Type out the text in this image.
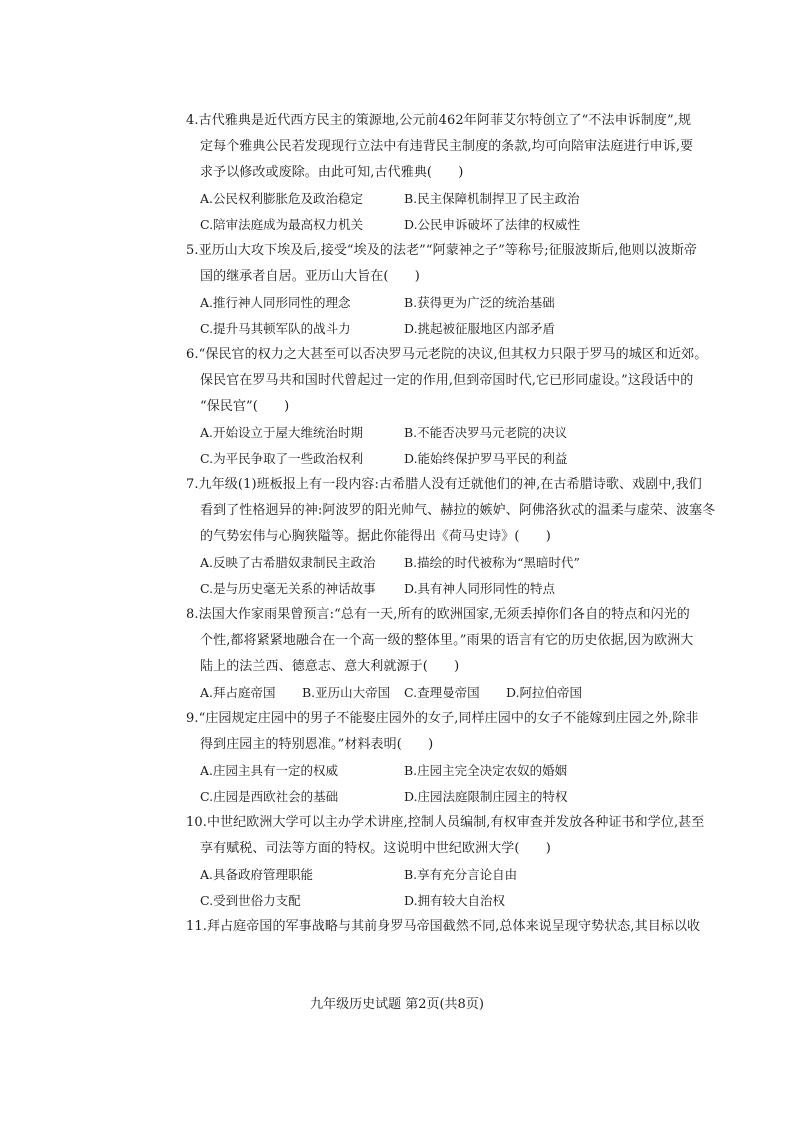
4.古代雅典是近代西方民主的策源地,公元前462年阿菲艾尔特创立了“不法申诉制度”,规
定每个雅典公民若发现现行立法中有违背民主制度的条款,均可向陪审法庭进行申诉,要
求予以修改或废除。由此可知,古代雅典(　　)
A.公民权利膨胀危及政治稳定	B.民主保障机制捍卫了民主政治
C.陪审法庭成为最高权力机关	D.公民申诉破坏了法律的权威性
5.亚历山大攻下埃及后,接受“埃及的法老”“阿蒙神之子”等称号;征服波斯后,他则以波斯帝
国的继承者自居。亚历山大旨在(　　)
A.推行神人同形同性的理念	B.获得更为广泛的统治基础
C.提升马其顿军队的战斗力	D.挑起被征服地区内部矛盾
6.“保民官的权力之大甚至可以否决罗马元老院的决议,但其权力只限于罗马的城区和近郊。
保民官在罗马共和国时代曾起过一定的作用,但到帝国时代,它已形同虚设。”这段话中的
“保民官”(　　)
A.开始设立于屋大维统治时期	B.不能否决罗马元老院的决议
C.为平民争取了一些政治权利	D.能始终保护罗马平民的利益
7.九年级(1)班板报上有一段内容:古希腊人没有迁就他们的神,在古希腊诗歌、戏剧中,我们
看到了性格迥异的神:阿波罗的阳光帅气、赫拉的嫉妒、阿佛洛狄忒的温柔与虚荣、波塞冬
的气势宏伟与心胸狭隘等。据此你能得出《荷马史诗》(　　)
A.反映了古希腊奴隶制民主政治	B.描绘的时代被称为“黑暗时代”
C.是与历史毫无关系的神话故事	D.具有神人同形同性的特点
8.法国大作家雨果曾预言:“总有一天,所有的欧洲国家,无须丢掉你们各自的特点和闪光的
个性,都将紧紧地融合在一个高一级的整体里。”雨果的语言有它的历史依据,因为欧洲大
陆上的法兰西、德意志、意大利就源于(　　)
A.拜占庭帝国	B.亚历山大帝国	C.查理曼帝国	D.阿拉伯帝国
9.“庄园规定庄园中的男子不能娶庄园外的女子,同样庄园中的女子不能嫁到庄园之外,除非
得到庄园主的特别恩准。”材料表明(　　)
A.庄园主具有一定的权威	B.庄园主完全决定农奴的婚姻
C.庄园是西欧社会的基础	D.庄园法庭限制庄园主的特权
10.中世纪欧洲大学可以主办学术讲座,控制人员编制,有权审查并发放各种证书和学位,甚至
享有赋税、司法等方面的特权。这说明中世纪欧洲大学(　　)
A.具备政府管理职能	B.享有充分言论自由
C.受到世俗力支配	D.拥有较大自治权
11.拜占庭帝国的军事战略与其前身罗马帝国截然不同,总体来说呈现守势状态,其目标以收
九年级历史试题 第2页(共8页)
